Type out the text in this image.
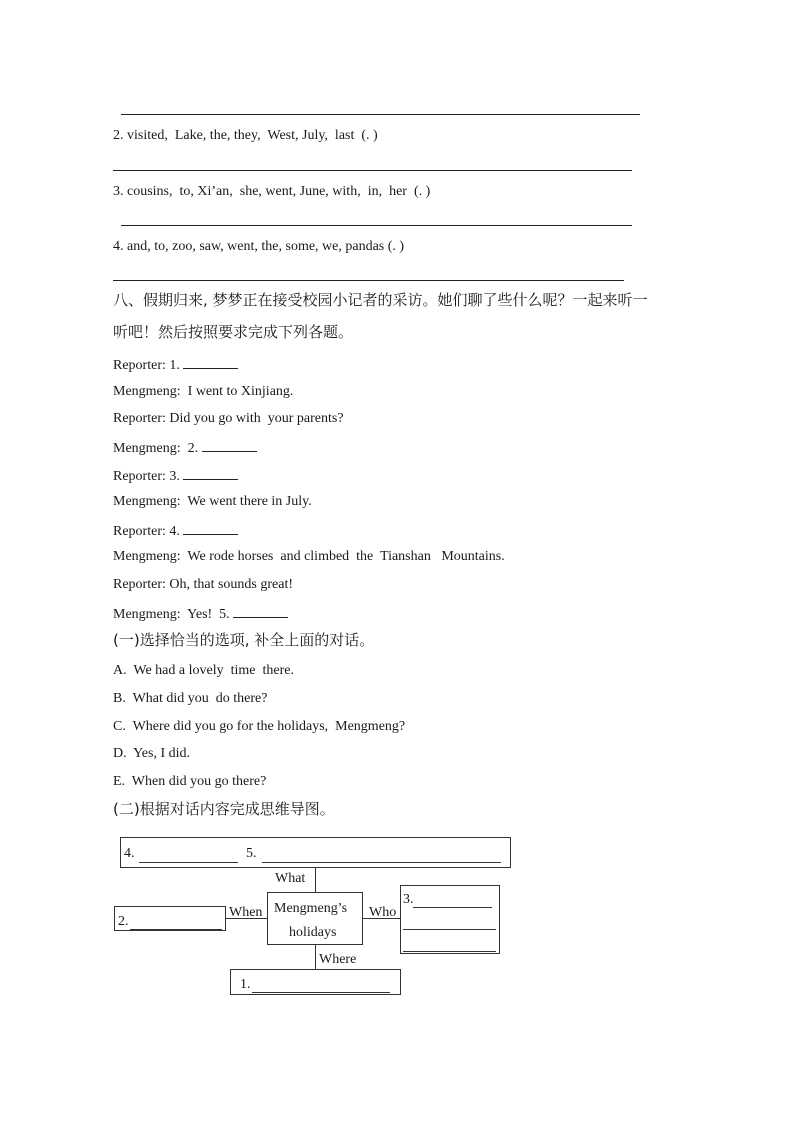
2. visited,  Lake, the, they,  West, July,  last  (. )
3. cousins,  to, Xi’an,  she, went, June, with,  in,  her  (. )
4. and, to, zoo, saw, went, the, some, we, pandas (. )
八、假期归来, 梦梦正在接受校园小记者的采访。她们聊了些什么呢？一起来听一
听吧！然后按照要求完成下列各题。
Reporter: 1.
Mengmeng: I went to Xinjiang.
Reporter: Did you go with  your parents?
Mengmeng:  2.
Reporter: 3.
Mengmeng: We went there in July.
Reporter: 4.
Mengmeng: We rode horses  and climbed  the  Tianshan   Mountains.
Reporter: Oh, that sounds great!
Mengmeng: Yes!  5.
(一)选择恰当的选项, 补全上面的对话。
A.  We had a lovely  time  there.
B.  What did you  do there?
C.  Where did you go for the holidays,  Mengmeng?
D.  Yes, I did.
E.  When did you go there?
(二)根据对话内容完成思维导图。
4.	5.
What
Mengmeng’s
holidays
2.
When	Who
3.
Where
1.
